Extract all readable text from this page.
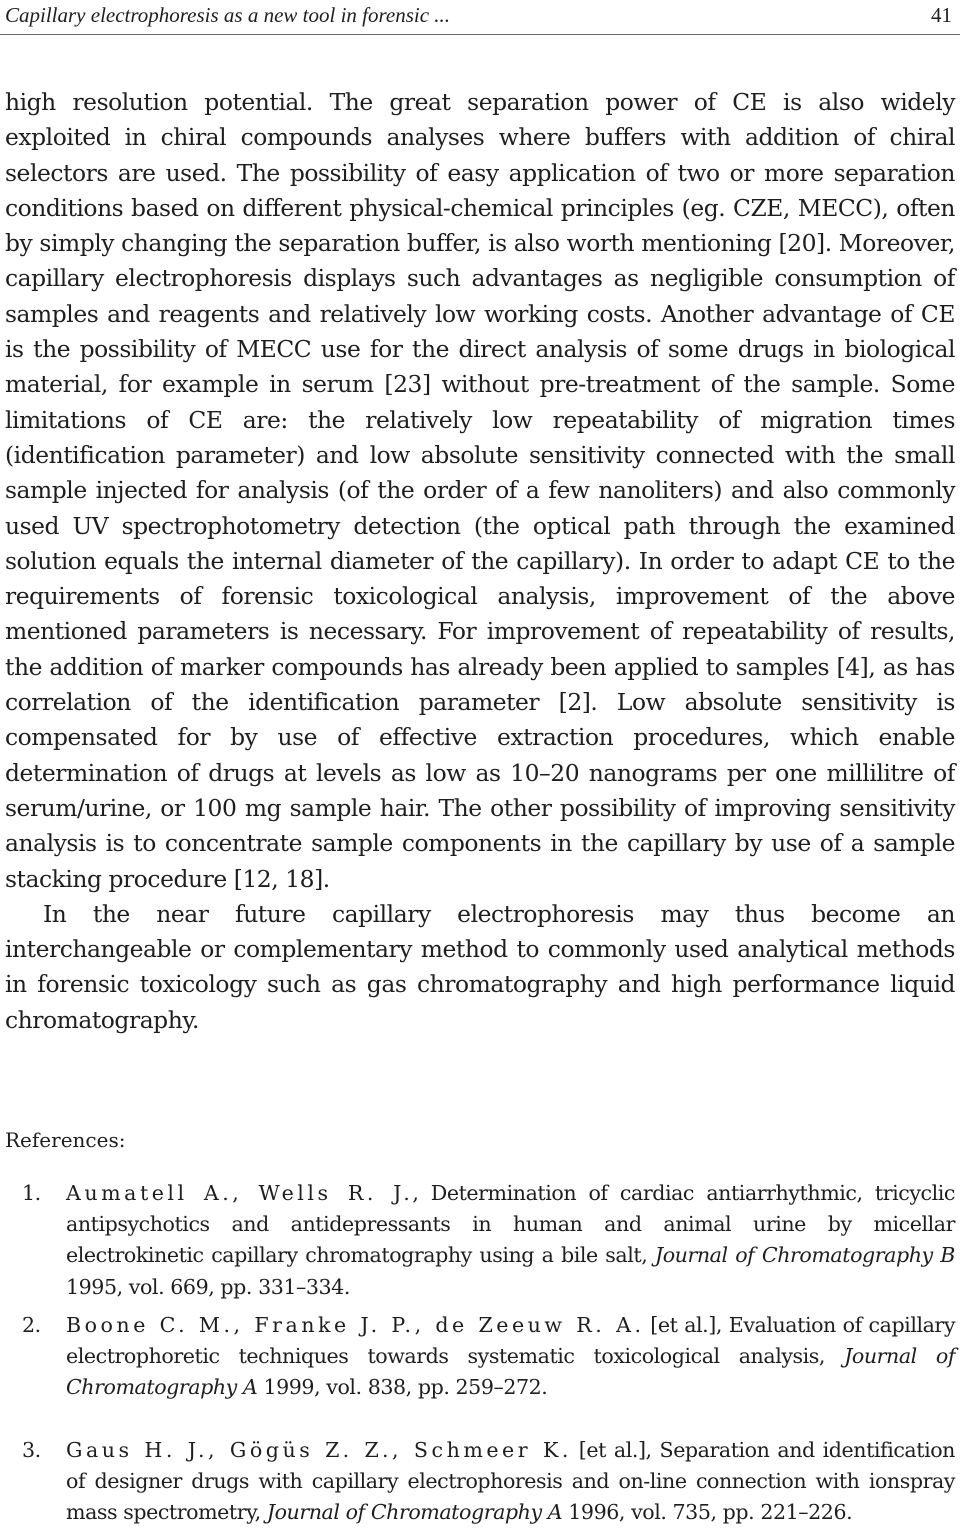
Capillary electrophoresis as a new tool in forensic ...	41

high resolution potential. The great separation power of CE is also widely exploited in chiral compounds analyses where buffers with addition of chiral selectors are used. The possibility of easy application of two or more separation conditions based on different physical-chemical principles (eg. CZE, MECC), often by simply changing the separation buffer, is also worth mentioning [20]. Moreover, capillary electrophoresis displays such advantages as negligible consumption of samples and reagents and relatively low working costs. Another advantage of CE is the possibility of MECC use for the direct analysis of some drugs in biological material, for example in serum [23] without pre-treatment of the sample. Some limitations of CE are: the relatively low repeatability of migration times (identification parameter) and low absolute sensitivity connected with the small sample injected for analysis (of the order of a few nanoliters) and also commonly used UV spectrophotometry detection (the optical path through the examined solution equals the internal diameter of the capillary). In order to adapt CE to the requirements of forensic toxicological analysis, improvement of the above mentioned parameters is necessary. For improvement of repeatability of results, the addition of marker compounds has already been applied to samples [4], as has correlation of the identification parameter [2]. Low absolute sensitivity is compensated for by use of effective extraction procedures, which enable determination of drugs at levels as low as 10–20 nanograms per one millilitre of serum/urine, or 100 mg sample hair. The other possibility of improving sensitivity analysis is to concentrate sample components in the capillary by use of a sample stacking procedure [12, 18].

In the near future capillary electrophoresis may thus become an interchangeable or complementary method to commonly used analytical methods in forensic toxicology such as gas chromatography and high performance liquid chromatography.

References:
1. Aumatell A., Wells R. J., Determination of cardiac antiarrhythmic, tricyclic antipsychotics and antidepressants in human and animal urine by micellar electrokinetic capillary chromatography using a bile salt, Journal of Chromatography B 1995, vol. 669, pp. 331–334.
2. Boone C. M., Franke J. P., de Zeeuw R. A. [et al.], Evaluation of capillary electrophoretic techniques towards systematic toxicological analysis, Journal of Chromatography A 1999, vol. 838, pp. 259–272.
3. Gaus H. J., Gögüs Z. Z., Schmeer K. [et al.], Separation and identification of designer drugs with capillary electrophoresis and on-line connection with ionspray mass spectrometry, Journal of Chromatography A 1996, vol. 735, pp. 221–226.
